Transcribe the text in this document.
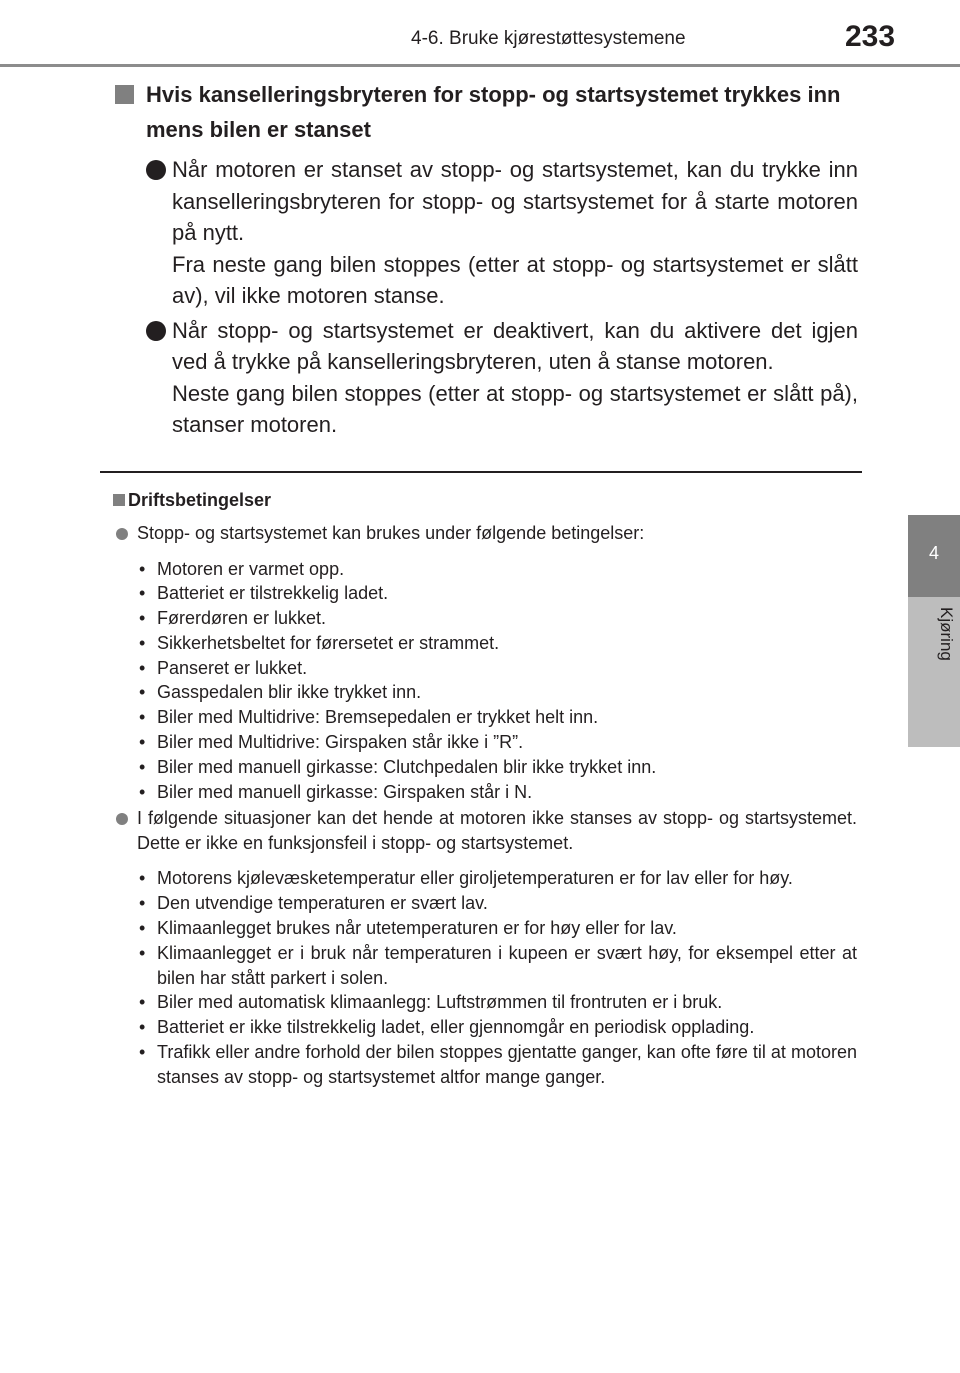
4-6. Bruke kjørestøttesystemene	233
4
Kjøring
Hvis kanselleringsbryteren for stopp- og startsystemet trykkes inn mens bilen er stanset
Når motoren er stanset av stopp- og startsystemet, kan du trykke inn kanselleringsbryteren for stopp- og startsystemet for å starte motoren på nytt.
Fra neste gang bilen stoppes (etter at stopp- og startsystemet er slått av), vil ikke motoren stanse.
Når stopp- og startsystemet er deaktivert, kan du aktivere det igjen ved å trykke på kanselleringsbryteren, uten å stanse motoren.
Neste gang bilen stoppes (etter at stopp- og startsystemet er slått på), stanser motoren.
Driftsbetingelser
Stopp- og startsystemet kan brukes under følgende betingelser:
• Motoren er varmet opp.
• Batteriet er tilstrekkelig ladet.
• Førerdøren er lukket.
• Sikkerhetsbeltet for førersetet er strammet.
• Panseret er lukket.
• Gasspedalen blir ikke trykket inn.
• Biler med Multidrive: Bremsepedalen er trykket helt inn.
• Biler med Multidrive: Girspaken står ikke i ”R”.
• Biler med manuell girkasse: Clutchpedalen blir ikke trykket inn.
• Biler med manuell girkasse: Girspaken står i N.
I følgende situasjoner kan det hende at motoren ikke stanses av stopp- og startsystemet. Dette er ikke en funksjonsfeil i stopp- og startsystemet.
• Motorens kjølevæsketemperatur eller giroljetemperaturen er for lav eller for høy.
• Den utvendige temperaturen er svært lav.
• Klimaanlegget brukes når utetemperaturen er for høy eller for lav.
• Klimaanlegget er i bruk når temperaturen i kupeen er svært høy, for eksempel etter at bilen har stått parkert i solen.
• Biler med automatisk klimaanlegg: Luftstrømmen til frontruten er i bruk.
• Batteriet er ikke tilstrekkelig ladet, eller gjennomgår en periodisk opplading.
• Trafikk eller andre forhold der bilen stoppes gjentatte ganger, kan ofte føre til at motoren stanses av stopp- og startsystemet altfor mange ganger.
